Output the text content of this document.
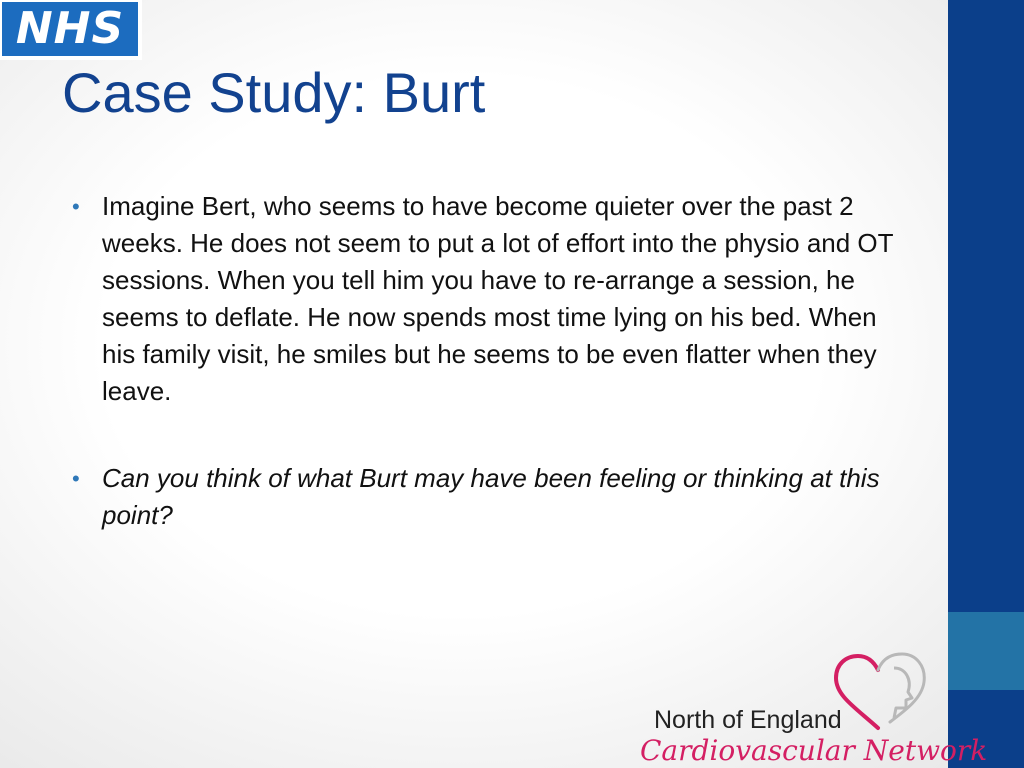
NHS
Case Study: Burt
• Imagine Bert, who seems to have become quieter over the past 2 weeks. He does not seem to put a lot of effort into the physio and OT sessions. When you tell him you have to re-arrange a session, he seems to deflate. He now spends most time lying on his bed. When his family visit, he smiles but he seems to be even flatter when they leave.
• Can you think of what Burt may have been feeling or thinking at this point?
North of England
Cardiovascular Network
